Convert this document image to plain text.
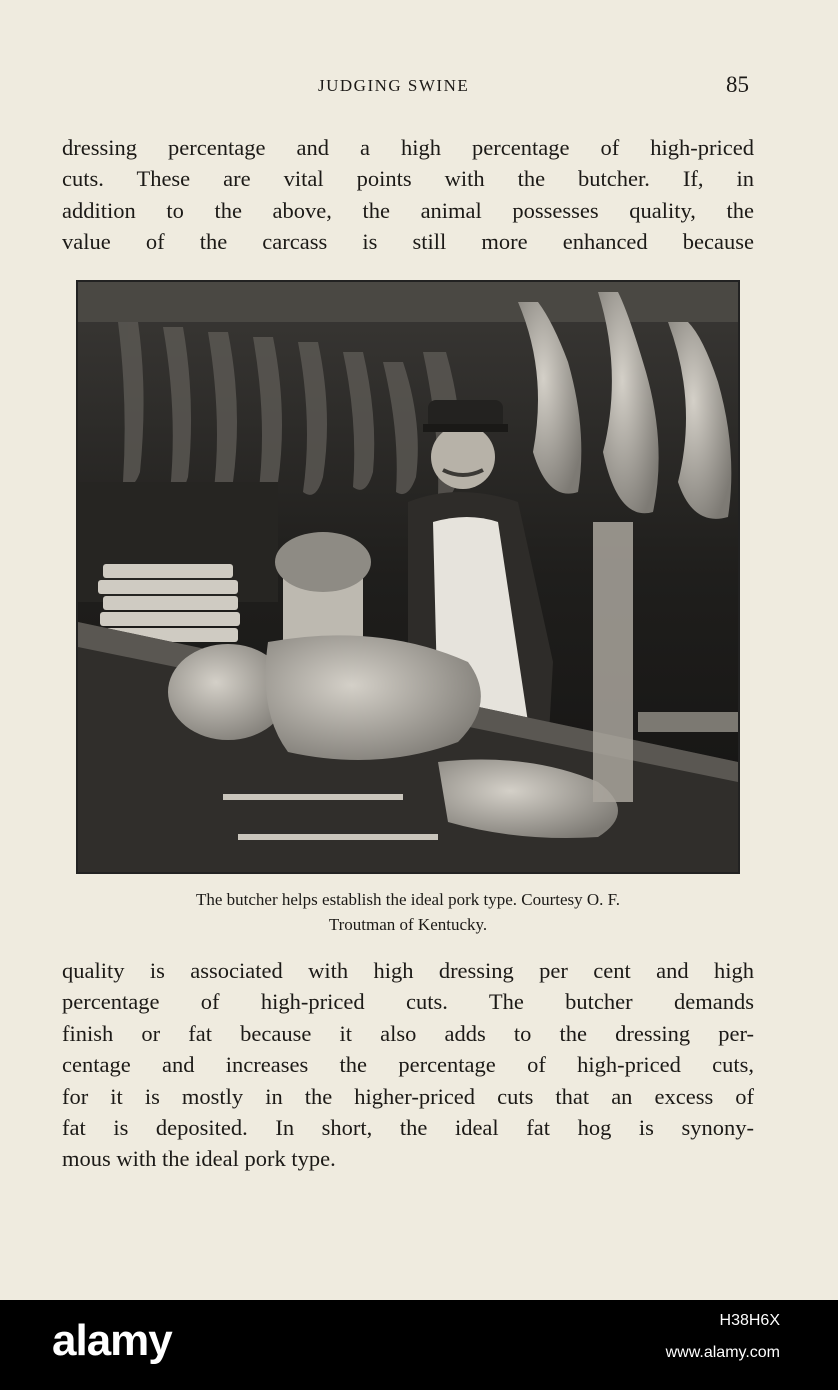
JUDGING SWINE	85
dressing percentage and a high percentage of high-priced
cuts. These are vital points with the butcher. If, in
addition to the above, the animal possesses quality, the
value of the carcass is still more enhanced because
The butcher helps establish the ideal pork type. Courtesy O. F.
Troutman of Kentucky.
quality is associated with high dressing per cent and high
percentage of high-priced cuts. The butcher demands
finish or fat because it also adds to the dressing per-
centage and increases the percentage of high-priced cuts,
for it is mostly in the higher-priced cuts that an excess of
fat is deposited. In short, the ideal fat hog is synony-
mous with the ideal pork type.
alamy	H38H6X
www.alamy.com
